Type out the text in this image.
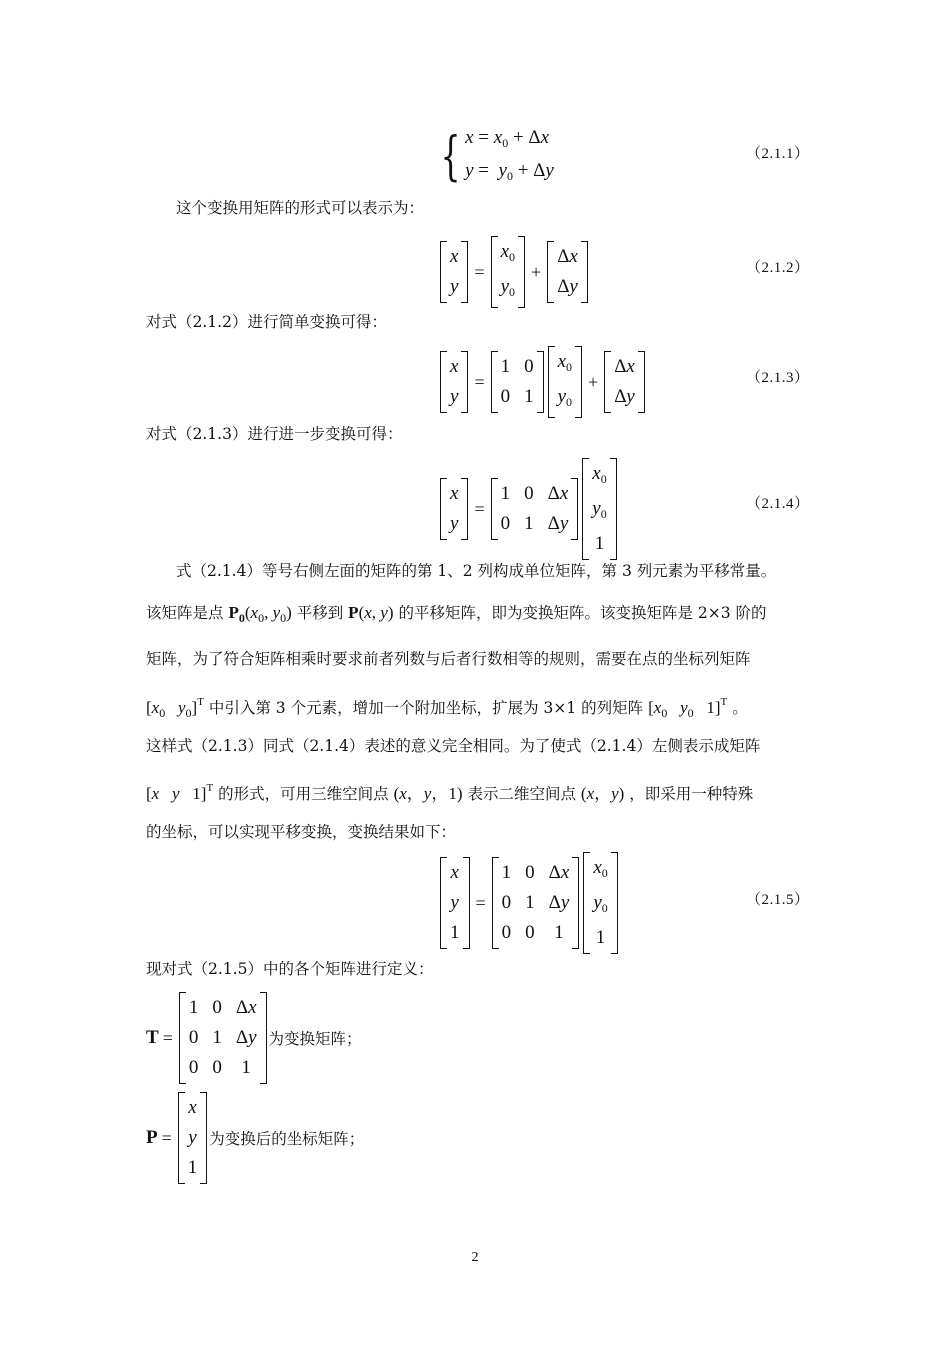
{ $x = x_0 + \Delta x$
$y = y_0 + \Delta y$
（2.1.1）
这个变换用矩阵的形式可以表示为：
x
y
=
$x_0$
$y_0$
+
Δx
Δy
（2.1.2）
对式（2.1.2）进行简单变换可得：
x
y
=
1 0
0 1
$x_0$
$y_0$
+
Δx
Δy
（2.1.3）
对式（2.1.3）进行进一步变换可得：
x
y
=
1 0 Δx
0 1 Δy
$x_0$
$y_0$
1
（2.1.4）
式（2.1.4）等号右侧左面的矩阵的第 1、2 列构成单位矩阵，第 3 列元素为平移常量。
该矩阵是点 $P_0(x_0$, $y_0$) 平移到 P(x, y) 的平移矩阵，即为变换矩阵。该变换矩阵是 2×3 阶的
矩阵，为了符合矩阵相乘时要求前者列数与后者行数相等的规则，需要在点的坐标列矩阵
[$x_0$ $y_0]^T$ 中引入第 3 个元素，增加一个附加坐标，扩展为 3×1 的列矩阵 [$x_0$ $y_0$   1]$^T$ 。
这样式（2.1.3）同式（2.1.4）表述的意义完全相同。为了使式（2.1.4）左侧表示成矩阵
[x y   1]$^T$ 的形式，可用三维空间点 (x，y，1) 表示二维空间点 (x，y) ，即采用一种特殊
的坐标，可以实现平移变换，变换结果如下：
x
y
1
=
1 0 Δx
0 1 Δy
0 0 1
$x_0$
$y_0$
1
（2.1.5）
现对式（2.1.5）中的各个矩阵进行定义：
T =
1 0 Δx
0 1 Δy
0 0 1
为变换矩阵；
P =
x
y
1
为变换后的坐标矩阵；
2
